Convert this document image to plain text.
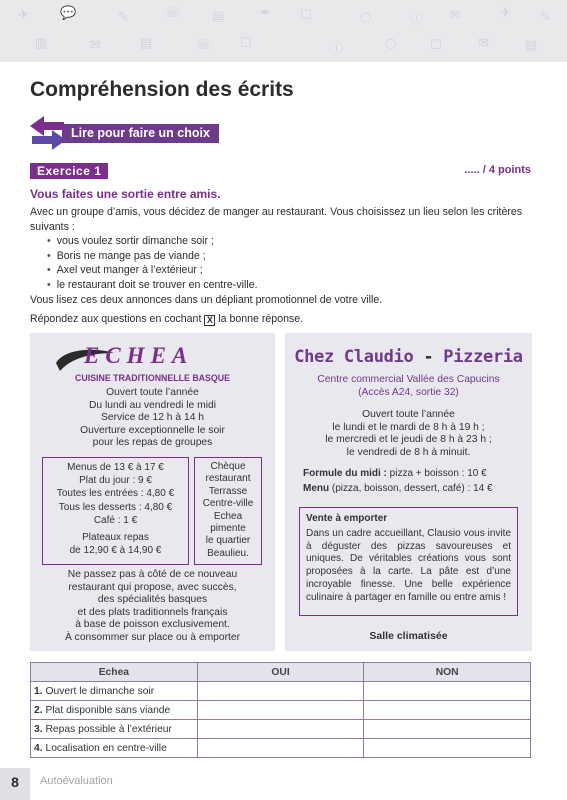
✈ 💬	✎	☏ ▤	✒ ☐	○	ⓘ ✉	✈ ✎
▥	✉	▤	☏ ☐	ⓘ	○	☐	✉	▤
Compréhension des écrits
Lire pour faire un choix
Exercice 1	..... / 4 points
Vous faites une sortie entre amis.

Avec un groupe d’amis, vous décidez de manger au restaurant. Vous choisissez un lieu selon les critères suivants :

• vous voulez sortir dimanche soir ;
• Boris ne mange pas de viande ;
• Axel veut manger à l’extérieur ;
• le restaurant doit se trouver en centre-ville.

Vous lisez ces deux annonces dans un dépliant promotionnel de votre ville.

Répondez aux questions en cochant X la bonne réponse.

ECHEA
CUISINE TRADITIONNELLE BASQUE
Ouvert toute l’année
Du lundi au vendredi le midi
Service de 12 h à 14 h
Ouverture exceptionnelle le soir
pour les repas de groupes
Menus de 13 € à 17 €
Plat du jour : 9 €
Toutes les entrées : 4,80 €
Tous les desserts : 4,80 €
Café : 1 €
Plateaux repas
de 12,90 € à 14,90 €
Chèque
restaurant
Terrasse
Centre-ville
Echea
pimente
le quartier
Beaulieu.
Ne passez pas à côté de ce nouveau
restaurant qui propose, avec succès,
des spécialités basques
et des plats traditionnels français
à base de poisson exclusivement.
À consommer sur place ou à emporter
Chez Claudio - Pizzeria
Centre commercial Vallée des Capucins
(Accès A24, sortie 32)
Ouvert toute l’année
le lundi et le mardi de 8 h à 19 h ;
le mercredi et le jeudi de 8 h à 23 h ;
le vendredi de 8 h à minuit.
Formule du midi : pizza + boisson : 10 €
Menu (pizza, boisson, dessert, café) : 14 €
Vente à emporter
Dans un cadre accueillant, Clausio vous invite à déguster des pizzas savoureuses et uniques. De véritables créations vous sont proposées à la carte. La pâte est d’une incroyable finesse. Une belle expérience culinaire à partager en famille ou entre amis !
Salle climatisée
Echea	OUI	NON
1. Ouvert le dimanche soir		
2. Plat disponible sans viande		
3. Repas possible à l’extérieur		
4. Localisation en centre-ville		
8	Autoévaluation
